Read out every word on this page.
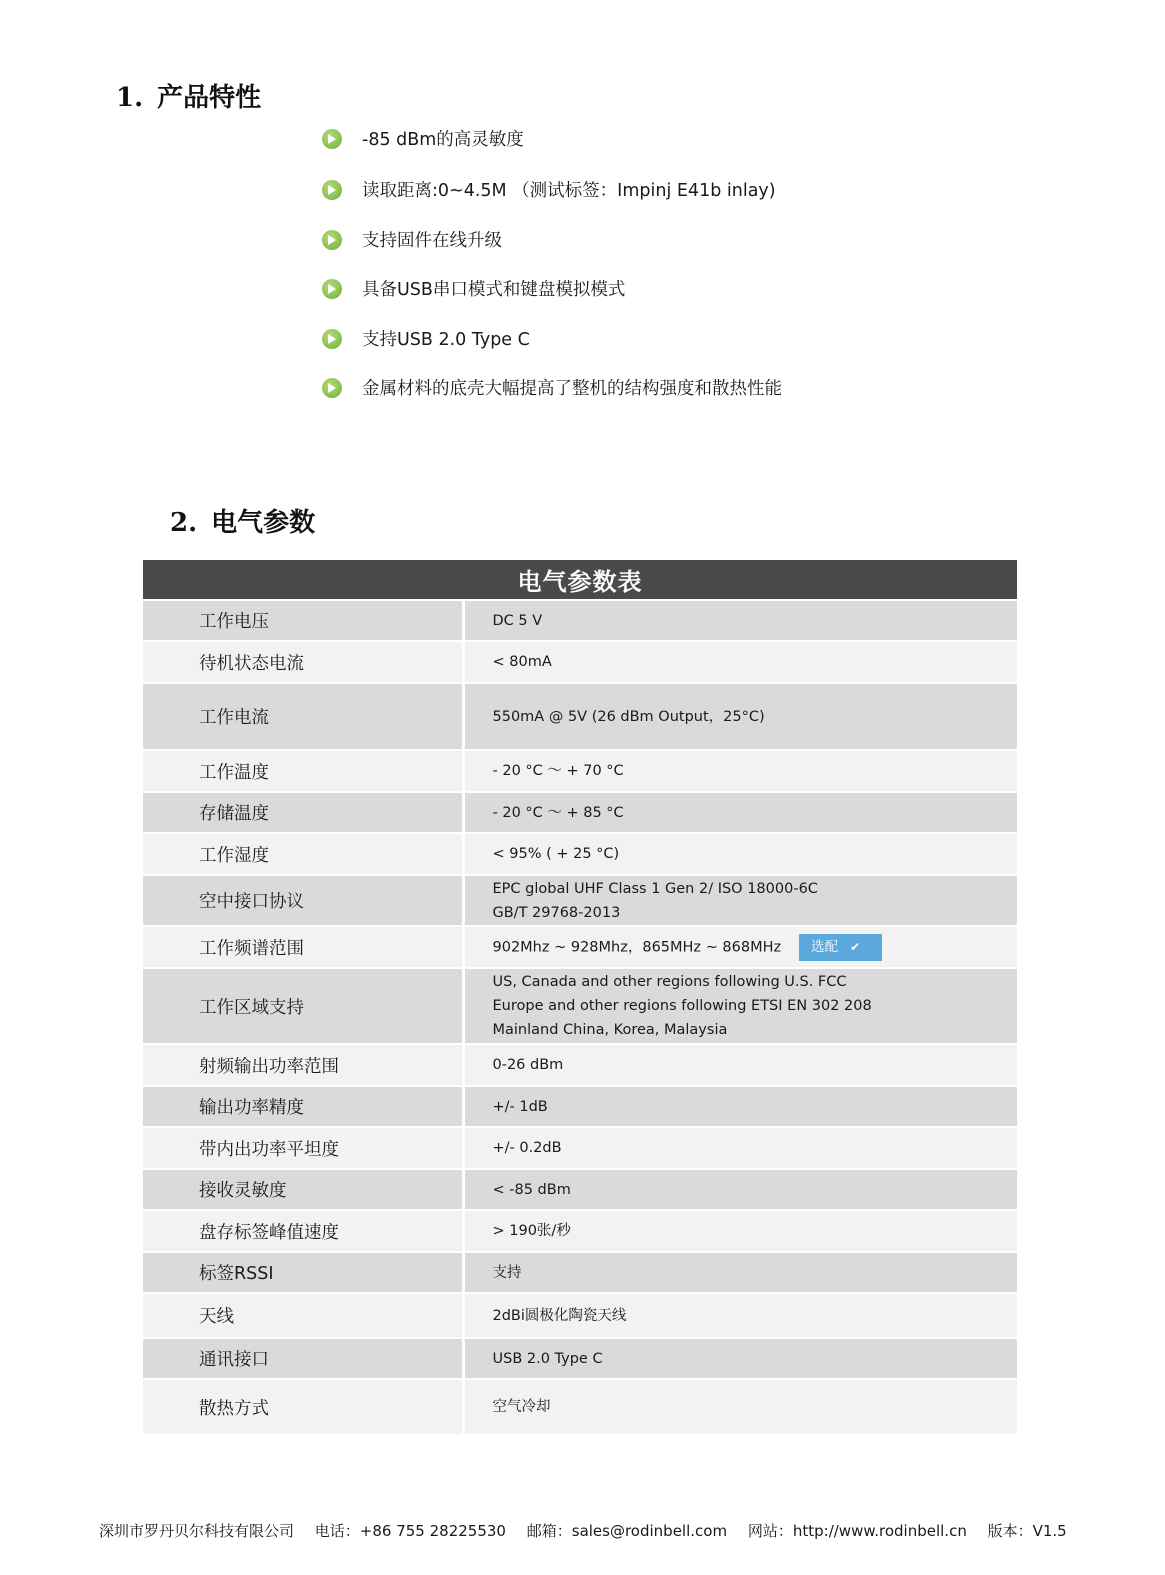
1. 产品特性
-85 dBm的高灵敏度
读取距离:0~4.5M （测试标签：Impinj E41b inlay)
支持固件在线升级
具备USB串口模式和键盘模拟模式
支持USB 2.0 Type C
金属材料的底壳大幅提高了整机的结构强度和散热性能
2. 电气参数
电气参数表	
工作电压	DC 5 V

待机状态电流	< 80mA

工作电流	550mA @ 5V (26 dBm Output，25°C)

工作温度	- 20 °C ～ + 70 °C

存储温度	- 20 °C ～ + 85 °C

工作湿度	< 95% ( + 25 °C)

空中接口协议	EPC global UHF Class 1 Gen 2/ ISO 18000-6C
GB/T 29768-2013

工作频谱范围	902Mhz ~ 928Mhz，865MHz ~ 868MHz 选配 ✔

工作区域支持	US, Canada and other regions following U.S. FCC
Europe and other regions following ETSI EN 302 208
Mainland China, Korea, Malaysia

射频输出功率范围	0-26 dBm

输出功率精度	+/- 1dB

带内出功率平坦度	+/- 0.2dB

接收灵敏度	< -85 dBm

盘存标签峰值速度	> 190张/秒

标签RSSI	支持

天线	2dBi圆极化陶瓷天线

通讯接口	USB 2.0 Type C

散热方式	空气冷却
深圳市罗丹贝尔科技有限公司 电话：+86 755 28225530 邮箱：sales@rodinbell.com 网站：http://www.rodinbell.cn 版本：V1.5
